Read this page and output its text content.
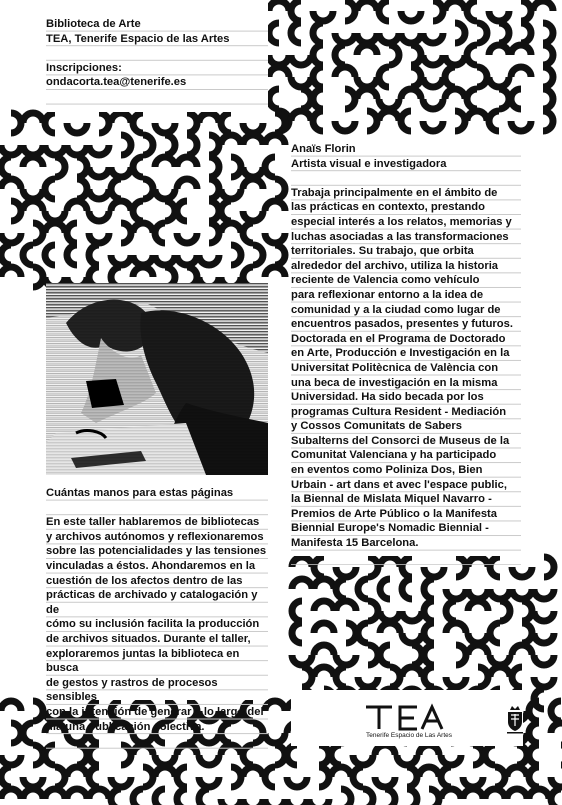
Biblioteca de Arte

TEA, Tenerife Espacio de las Artes

Inscripciones:

ondacorta.tea@tenerife.es

Anaïs Florin

Artista visual e investigadora

Trabaja principalmente en el ámbito de

las prácticas en contexto, prestando

especial interés a los relatos, memorias y

luchas asociadas a las transformaciones

territoriales. Su trabajo, que orbita

alrededor del archivo, utiliza la historia

reciente de Valencia como vehículo

para reflexionar entorno a la idea de

comunidad y a la ciudad como lugar de

encuentros pasados, presentes y futuros.

Doctorada en el Programa de Doctorado

en Arte, Producción e Investigación en la

Universitat Politècnica de València con

una beca de investigación en la misma

Universidad. Ha sido becada por los

programas Cultura Resident - Mediación

y Cossos Comunitats de Sabers

Subalterns del Consorci de Museus de la

Comunitat Valenciana y ha participado

en eventos como Polinizа Dos, Bien

Urbain - art dans et avec l'espace public,

la Biennal de Mislata Miquel Navarro -

Premios de Arte Público o la Manifesta

Biennial Europe's Nomadic Biennial -

Manifesta 15 Barcelona.

Cuántas manos para estas páginas

En este taller hablaremos de bibliotecas

y archivos autónomos y reflexionaremos

sobre las potencialidades y las tensiones

vinculadas a éstos. Ahondaremos en la

cuestión de los afectos dentro de las

prácticas de archivado y catalogación y de

cómo su inclusión facilita la producción

de archivos situados. Durante el taller,

exploraremos juntas la biblioteca en busca

de gestos y rastros de procesos sensibles

con la intención de generar a lo largo del

día una publicación colectiva.

Tenerife Espacio de Las Artes
